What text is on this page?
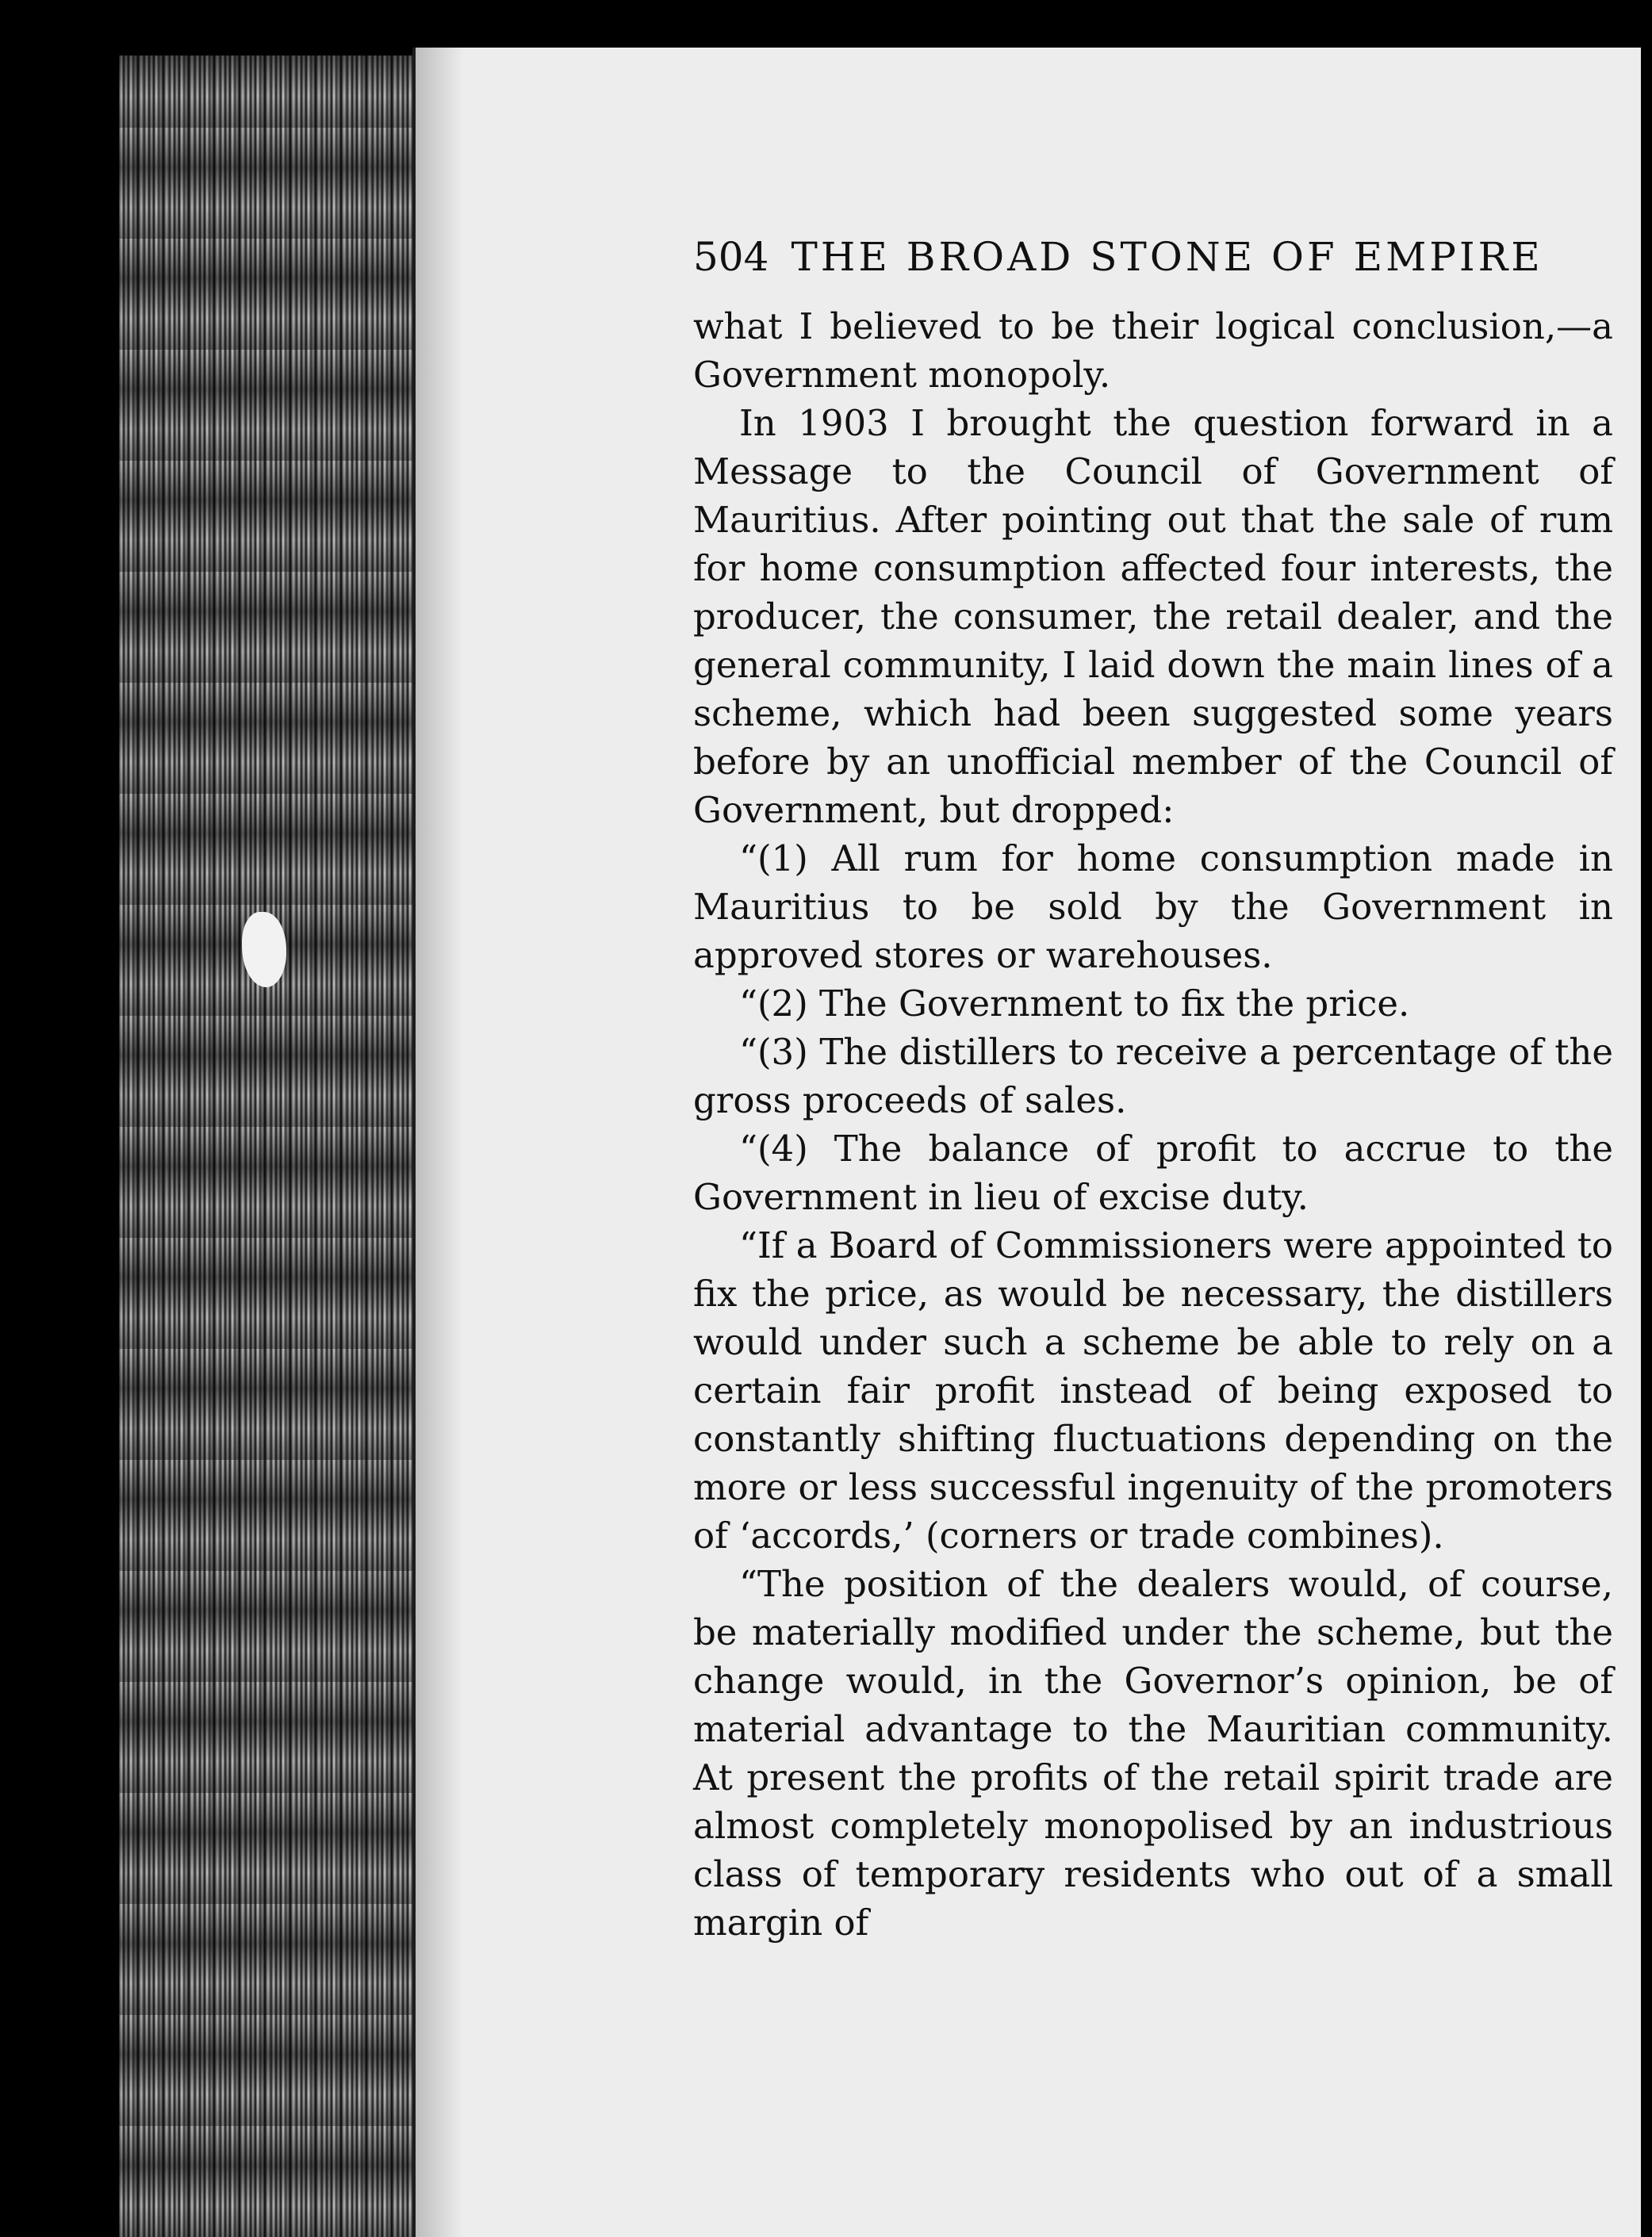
504 THE BROAD STONE OF EMPIRE

what I believed to be their logical conclusion,—a Government monopoly.

In 1903 I brought the question forward in a Message to the Council of Government of Mauritius. After pointing out that the sale of rum for home consumption affected four interests, the producer, the consumer, the retail dealer, and the general community, I laid down the main lines of a scheme, which had been suggested some years before by an unofficial member of the Council of Government, but dropped:

“(1) All rum for home consumption made in Mauritius to be sold by the Government in approved stores or warehouses.

“(2) The Government to fix the price.

“(3) The distillers to receive a percentage of the gross proceeds of sales.

“(4) The balance of profit to accrue to the Government in lieu of excise duty.

“If a Board of Commissioners were appointed to fix the price, as would be necessary, the distillers would under such a scheme be able to rely on a certain fair profit instead of being exposed to constantly shifting fluctuations depending on the more or less successful ingenuity of the promoters of ‘accords,’ (corners or trade combines).

“The position of the dealers would, of course, be materially modified under the scheme, but the change would, in the Governor’s opinion, be of material advantage to the Mauritian community. At present the profits of the retail spirit trade are almost completely monopolised by an industrious class of temporary residents who out of a small margin of
